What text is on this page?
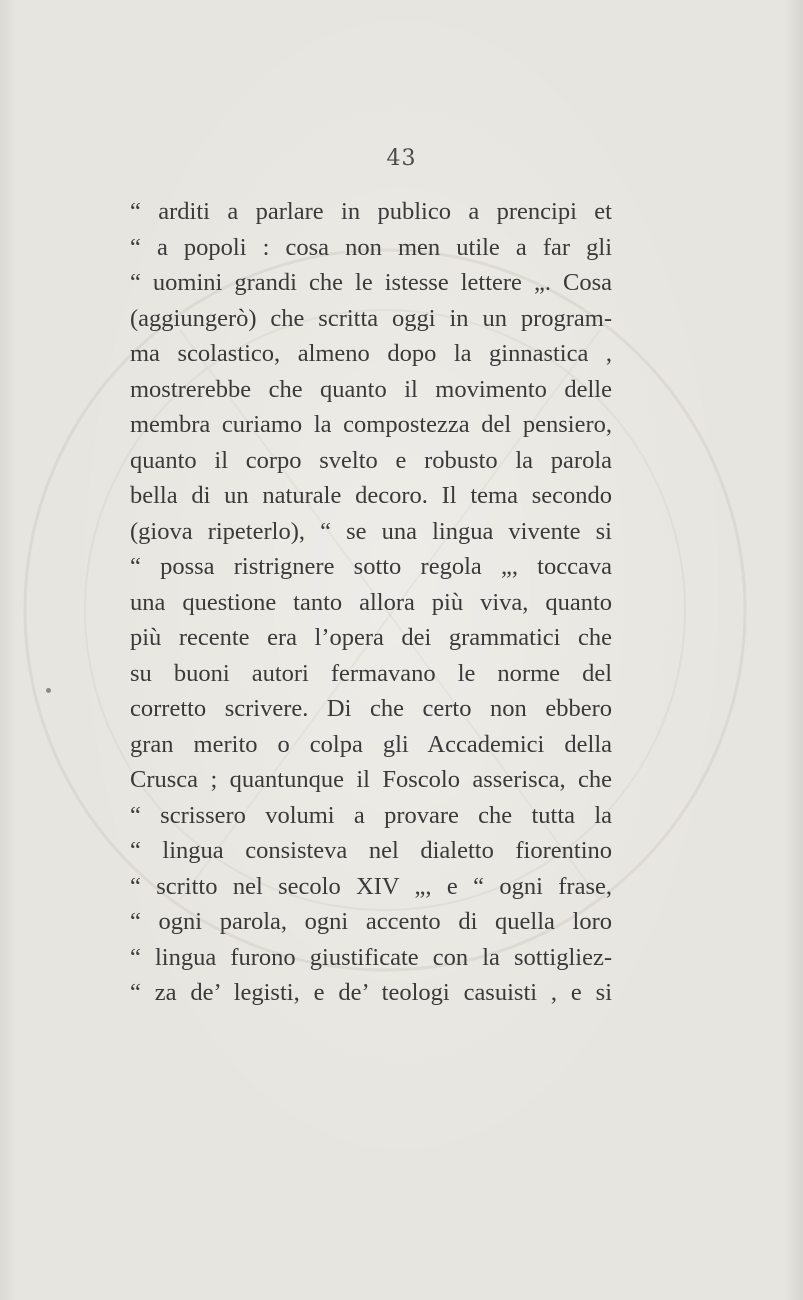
43
“ arditi a parlare in publico a prencipi et
“ a popoli : cosa non men utile a far gli
“ uomini grandi che le istesse lettere „. Cosa
(aggiungerò) che scritta oggi in un program-
ma scolastico, almeno dopo la ginnastica ,
mostrerebbe che quanto il movimento delle
membra curiamo la compostezza del pensiero,
quanto il corpo svelto e robusto la parola
bella di un naturale decoro. Il tema secondo
(giova ripeterlo), “ se una lingua vivente si
“ possa ristrignere sotto regola „, toccava
una questione tanto allora più viva, quanto
più recente era l’opera dei grammatici che
su buoni autori fermavano le norme del
corretto scrivere. Di che certo non ebbero
gran merito o colpa gli Accademici della
Crusca ; quantunque il Foscolo asserisca, che
“ scrissero volumi a provare che tutta la
“ lingua consisteva nel dialetto fiorentino
“ scritto nel secolo XIV „, e “ ogni frase,
“ ogni parola, ogni accento di quella loro
“ lingua furono giustificate con la sottigliez-
“ za de’ legisti, e de’ teologi casuisti , e si
